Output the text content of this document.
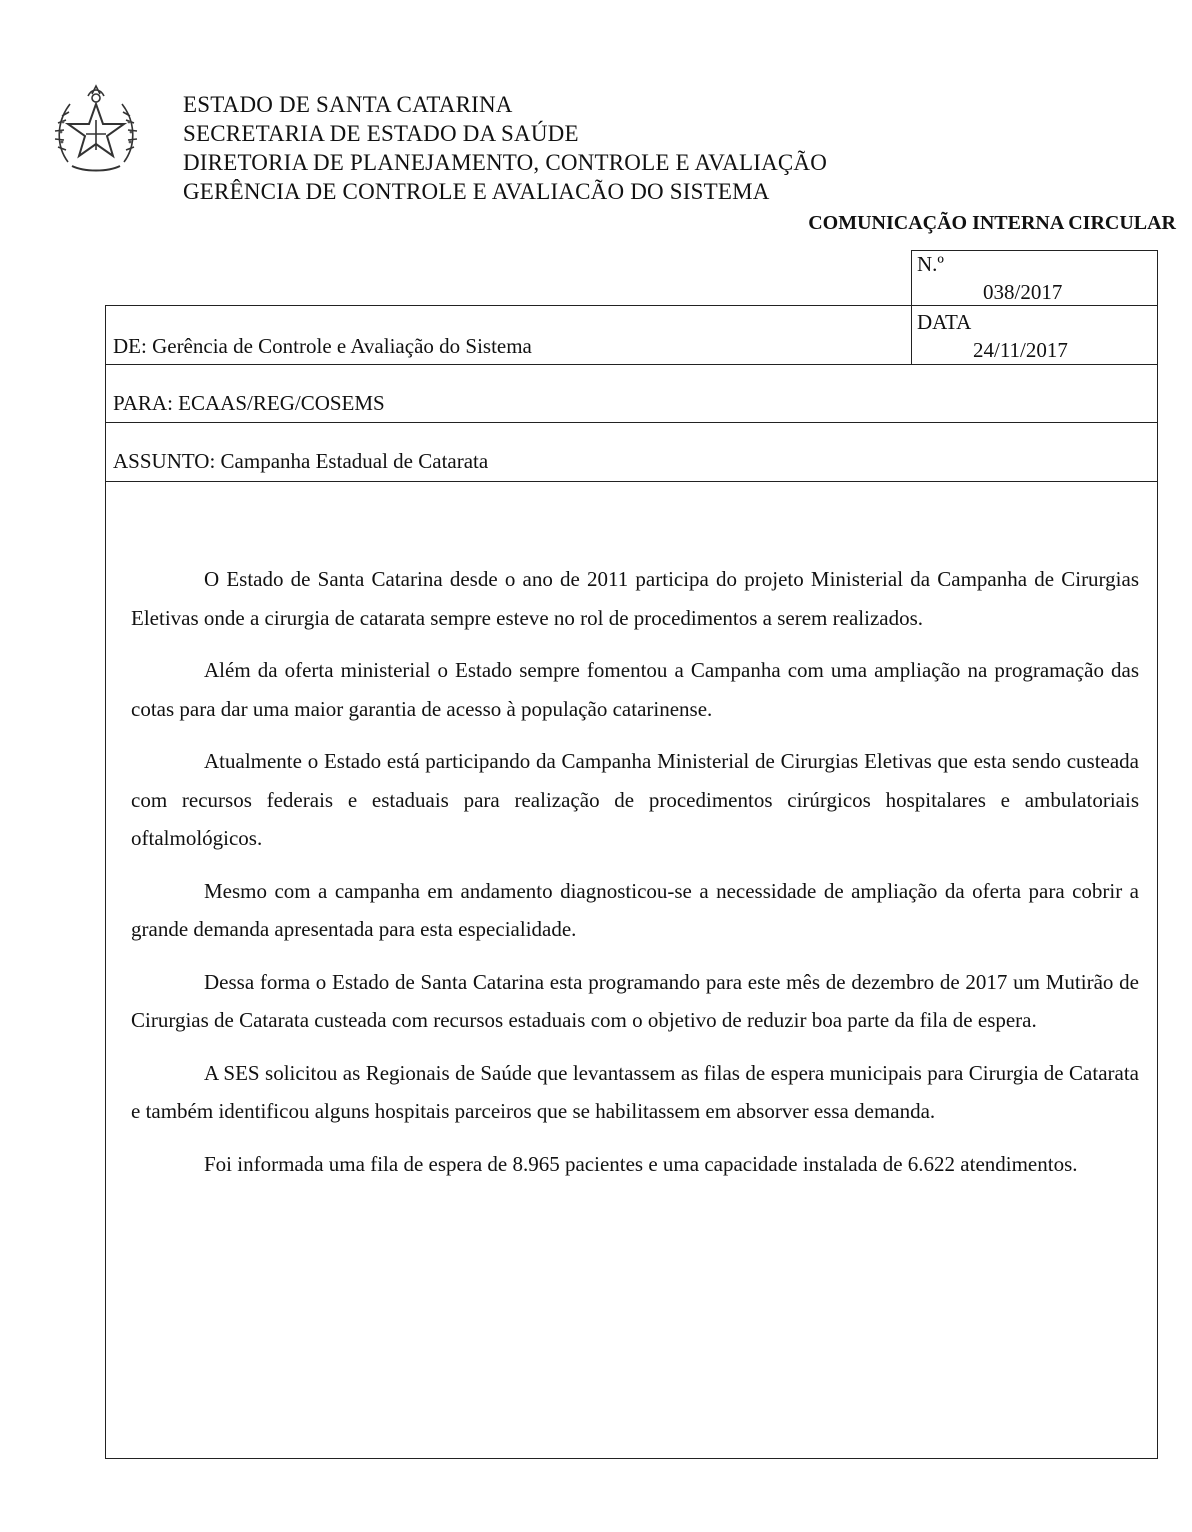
ESTADO DE SANTA CATARINA
SECRETARIA DE ESTADO DA SAÚDE
DIRETORIA DE PLANEJAMENTO, CONTROLE E AVALIAÇÃO
GERÊNCIA DE CONTROLE E AVALIACÃO DO SISTEMA
COMUNICAÇÃO INTERNA CIRCULAR
N.º
038/2017
DATA
24/11/2017
DE: Gerência de Controle e Avaliação do Sistema
PARA: ECAAS/REG/COSEMS
ASSUNTO: Campanha Estadual de Catarata

O Estado de Santa Catarina desde o ano de 2011 participa do projeto Ministerial da Campanha de Cirurgias Eletivas onde a cirurgia de catarata sempre esteve no rol de procedimentos a serem realizados.

Além da oferta ministerial o Estado sempre fomentou a Campanha com uma ampliação na programação das cotas para dar uma maior garantia de acesso à população catarinense.

Atualmente o Estado está participando da Campanha Ministerial de Cirurgias Eletivas que esta sendo custeada com recursos federais e estaduais para realização de procedimentos cirúrgicos hospitalares e ambulatoriais oftalmológicos.

Mesmo com a campanha em andamento diagnosticou-se a necessidade de ampliação da oferta para cobrir a grande demanda apresentada para esta especialidade.

Dessa forma o Estado de Santa Catarina esta programando para este mês de dezembro de 2017 um Mutirão de Cirurgias de Catarata custeada com recursos estaduais com o objetivo de reduzir boa parte da fila de espera.

A SES solicitou as Regionais de Saúde que levantassem as filas de espera municipais para Cirurgia de Catarata e também identificou alguns hospitais parceiros que se habilitassem em absorver essa demanda.

Foi informada uma fila de espera de 8.965 pacientes e uma capacidade instalada de 6.622 atendimentos.
